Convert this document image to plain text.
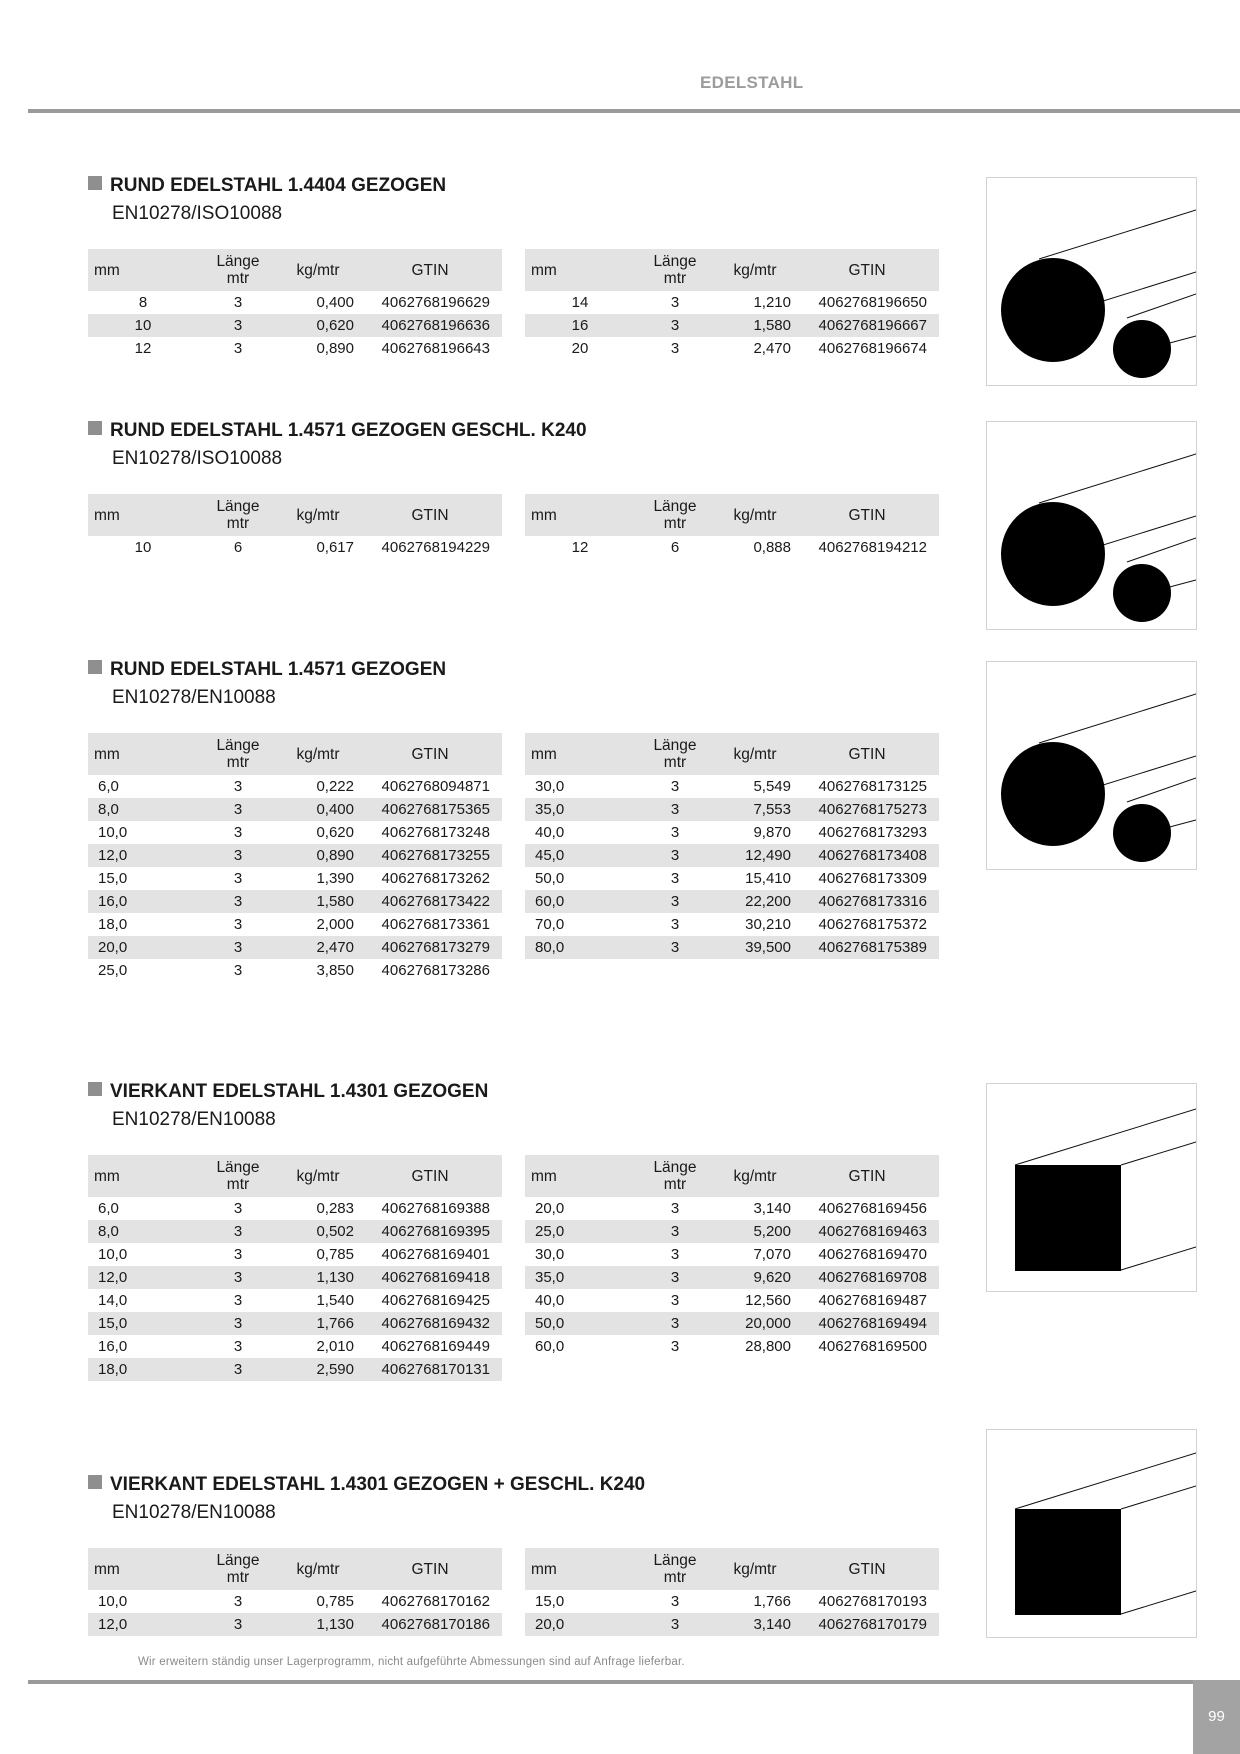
EDELSTAHL
RUND EDELSTAHL 1.4404 GEZOGEN
EN10278/ISO10088
mm	Länge mtr	kg/mtr	GTIN
8	3	0,400	4062768196629
10	3	0,620	4062768196636
12	3	0,890	4062768196643
mm	Länge mtr	kg/mtr	GTIN
14	3	1,210	4062768196650
16	3	1,580	4062768196667
20	3	2,470	4062768196674
RUND EDELSTAHL 1.4571 GEZOGEN GESCHL. K240
EN10278/ISO10088
mm	Länge mtr	kg/mtr	GTIN
10	6	0,617	4062768194229
mm	Länge mtr	kg/mtr	GTIN
12	6	0,888	4062768194212
RUND EDELSTAHL 1.4571 GEZOGEN
EN10278/EN10088
mm	Länge mtr	kg/mtr	GTIN
6,0	3	0,222	4062768094871
8,0	3	0,400	4062768175365
10,0	3	0,620	4062768173248
12,0	3	0,890	4062768173255
15,0	3	1,390	4062768173262
16,0	3	1,580	4062768173422
18,0	3	2,000	4062768173361
20,0	3	2,470	4062768173279
25,0	3	3,850	4062768173286
mm	Länge mtr	kg/mtr	GTIN
30,0	3	5,549	4062768173125
35,0	3	7,553	4062768175273
40,0	3	9,870	4062768173293
45,0	3	12,490	4062768173408
50,0	3	15,410	4062768173309
60,0	3	22,200	4062768173316
70,0	3	30,210	4062768175372
80,0	3	39,500	4062768175389
VIERKANT EDELSTAHL 1.4301 GEZOGEN
EN10278/EN10088
mm	Länge mtr	kg/mtr	GTIN
6,0	3	0,283	4062768169388
8,0	3	0,502	4062768169395
10,0	3	0,785	4062768169401
12,0	3	1,130	4062768169418
14,0	3	1,540	4062768169425
15,0	3	1,766	4062768169432
16,0	3	2,010	4062768169449
18,0	3	2,590	4062768170131
mm	Länge mtr	kg/mtr	GTIN
20,0	3	3,140	4062768169456
25,0	3	5,200	4062768169463
30,0	3	7,070	4062768169470
35,0	3	9,620	4062768169708
40,0	3	12,560	4062768169487
50,0	3	20,000	4062768169494
60,0	3	28,800	4062768169500
VIERKANT EDELSTAHL 1.4301 GEZOGEN + GESCHL. K240
EN10278/EN10088
mm	Länge mtr	kg/mtr	GTIN
10,0	3	0,785	4062768170162
12,0	3	1,130	4062768170186
mm	Länge mtr	kg/mtr	GTIN
15,0	3	1,766	4062768170193
20,0	3	3,140	4062768170179
Wir erweitern ständig unser Lagerprogramm, nicht aufgeführte Abmessungen sind auf Anfrage lieferbar.
99
